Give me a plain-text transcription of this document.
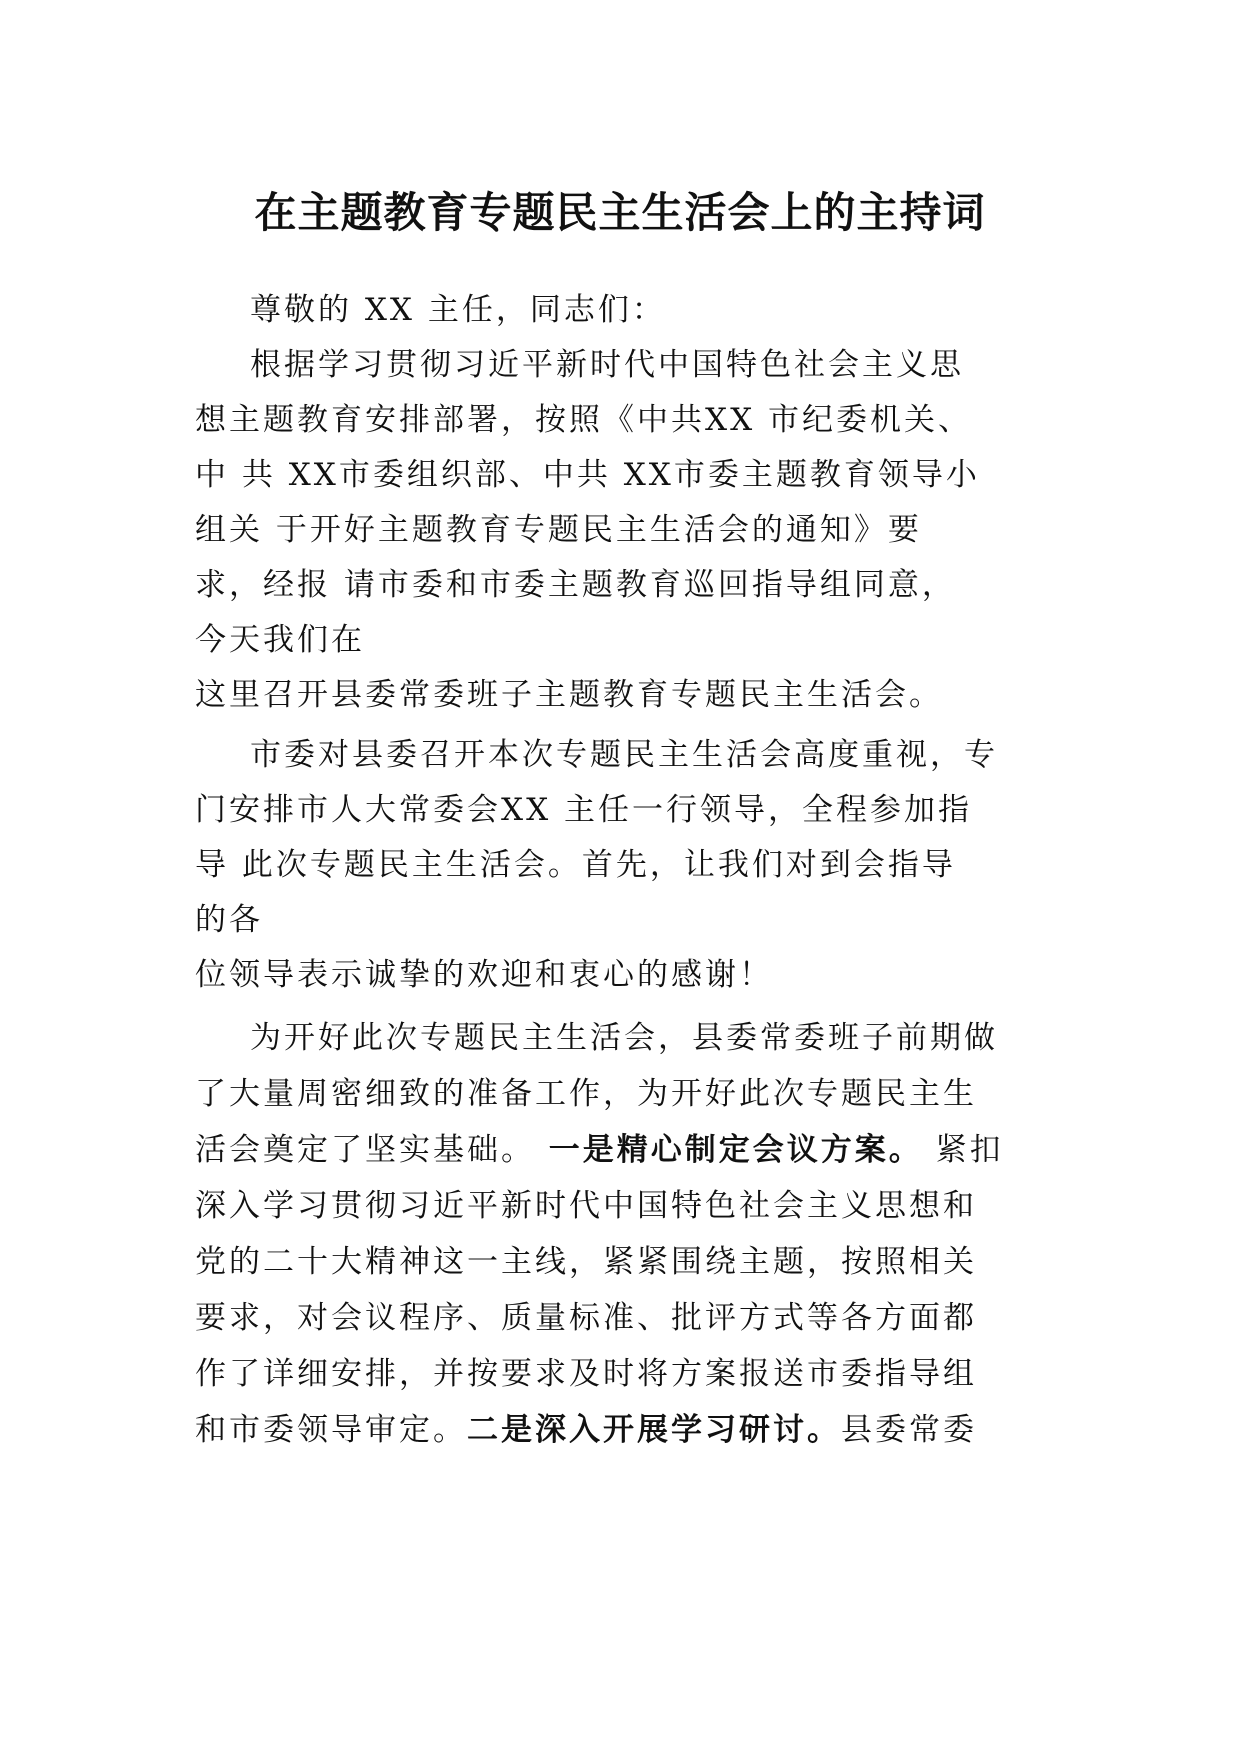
在主题教育专题民主生活会上的主持词
尊敬的 XX 主任，同志们：
根据学习贯彻习近平新时代中国特色社会主义思
想主题教育安排部署，按照《中共XX 市纪委机关、
中 共 XX市委组织部、中共 XX市委主题教育领导小
组关 于开好主题教育专题民主生活会的通知》要
求，经报 请市委和市委主题教育巡回指导组同意，
今天我们在
这里召开县委常委班子主题教育专题民主生活会。
市委对县委召开本次专题民主生活会高度重视，专
门安排市人大常委会XX 主任一行领导，全程参加指
导 此次专题民主生活会。首先，让我们对到会指导
的各
位领导表示诚挚的欢迎和衷心的感谢！
为开好此次专题民主生活会，县委常委班子前期做
了大量周密细致的准备工作，为开好此次专题民主生
活会奠定了坚实基础。 一是精心制定会议方案。 紧扣
深入学习贯彻习近平新时代中国特色社会主义思想和
党的二十大精神这一主线，紧紧围绕主题，按照相关
要求，对会议程序、质量标准、批评方式等各方面都
作了详细安排，并按要求及时将方案报送市委指导组
和市委领导审定。二是深入开展学习研讨。县委常委
